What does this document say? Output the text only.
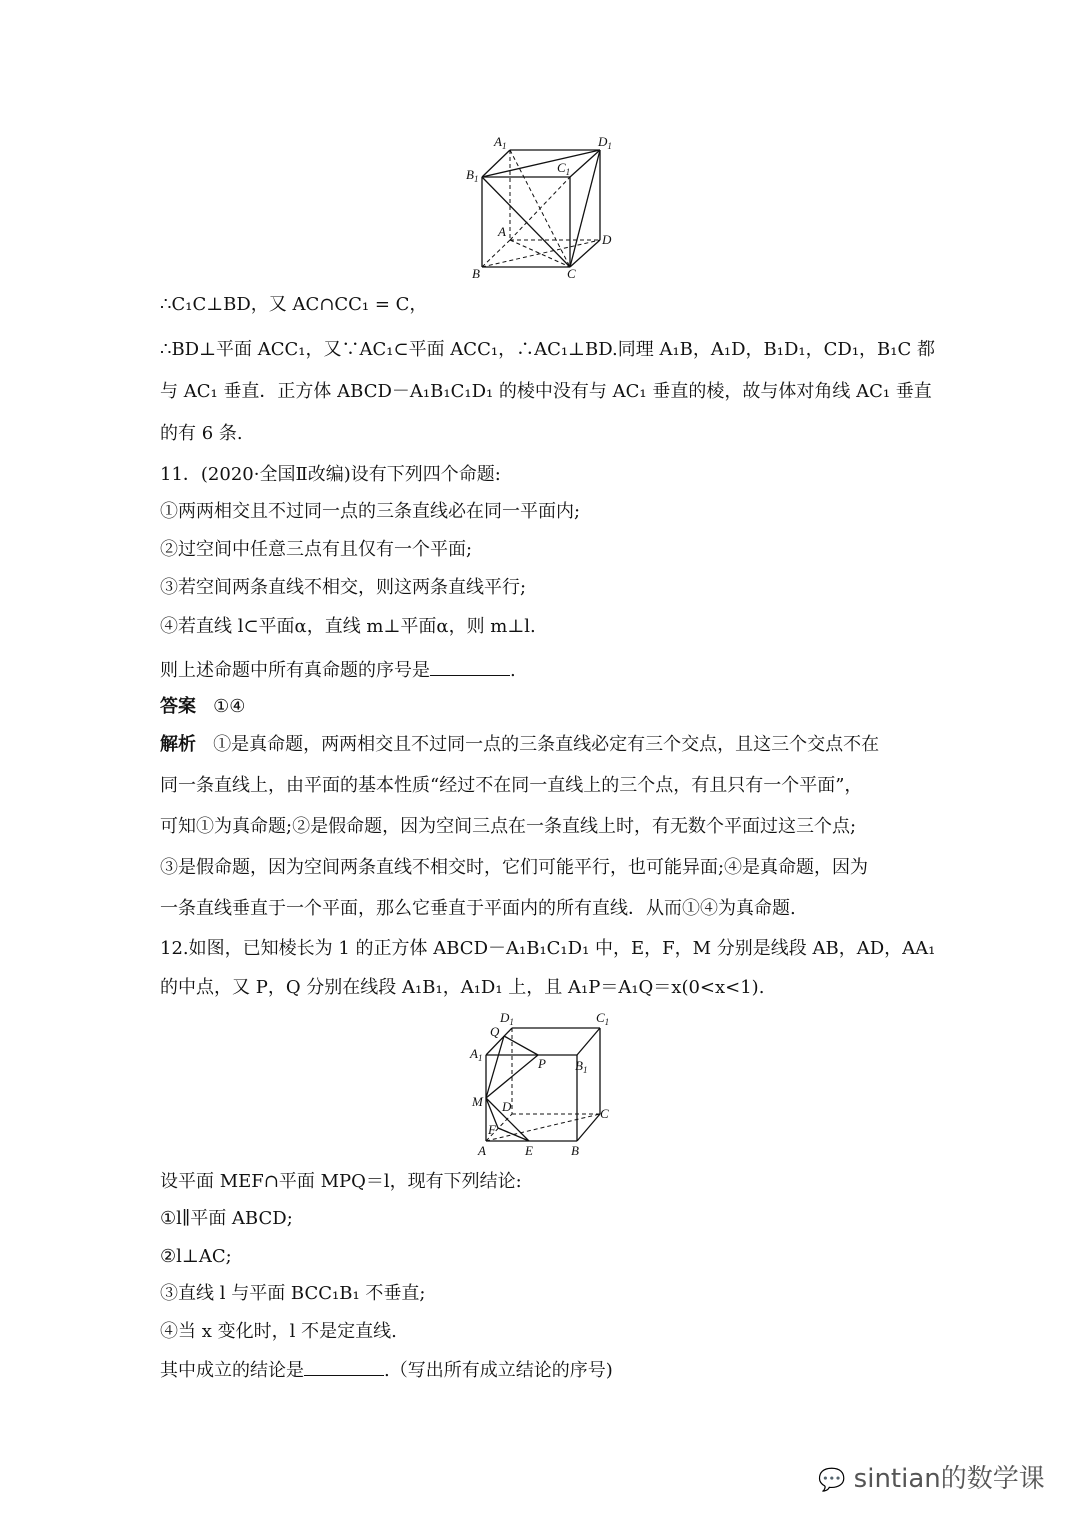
$A_1$	$D_1$
$C_1$
$B_1$
A
D
B	C
∴C₁C⊥BD，又 AC∩CC₁ = C，
∴BD⊥平面 ACC₁，又∵AC₁⊂平面 ACC₁，∴AC₁⊥BD.同理 A₁B，A₁D，B₁D₁，CD₁，B₁C 都
与 AC₁ 垂直．正方体 ABCD－A₁B₁C₁D₁ 的棱中没有与 AC₁ 垂直的棱，故与体对角线 AC₁ 垂直
的有 6 条.
11．(2020·全国Ⅱ改编)设有下列四个命题:
①两两相交且不过同一点的三条直线必在同一平面内;
②过空间中任意三点有且仅有一个平面;
③若空间两条直线不相交，则这两条直线平行;
④若直线 l⊂平面α，直线 m⊥平面α，则 m⊥l.
则上述命题中所有真命题的序号是	.
答案 ①④
解析 ①是真命题，两两相交且不过同一点的三条直线必定有三个交点，且这三个交点不在
同一条直线上，由平面的基本性质“经过不在同一直线上的三个点，有且只有一个平面”，
可知①为真命题;②是假命题，因为空间三点在一条直线上时，有无数个平面过这三个点;
③是假命题，因为空间两条直线不相交时，它们可能平行，也可能异面;④是真命题，因为
一条直线垂直于一个平面，那么它垂直于平面内的所有直线．从而①④为真命题.
12.如图，已知棱长为 1 的正方体 ABCD－A₁B₁C₁D₁ 中，E，F，M 分别是线段 AB，AD，AA₁
的中点，又 P，Q 分别在线段 A₁B₁，A₁D₁ 上，且 A₁P＝A₁Q＝x(0<x<1).
$D_1$	$C_1$
Q
$A_1$	$B_1$
P
M D	C
F
A	E	B
设平面 MEF∩平面 MPQ＝l，现有下列结论:
①l∥平面 ABCD;
②l⊥AC;
③直线 l 与平面 BCC₁B₁ 不垂直;
④当 x 变化时，l 不是定直线.
其中成立的结论是	.（写出所有成立结论的序号)
💬 sintian的数学课
